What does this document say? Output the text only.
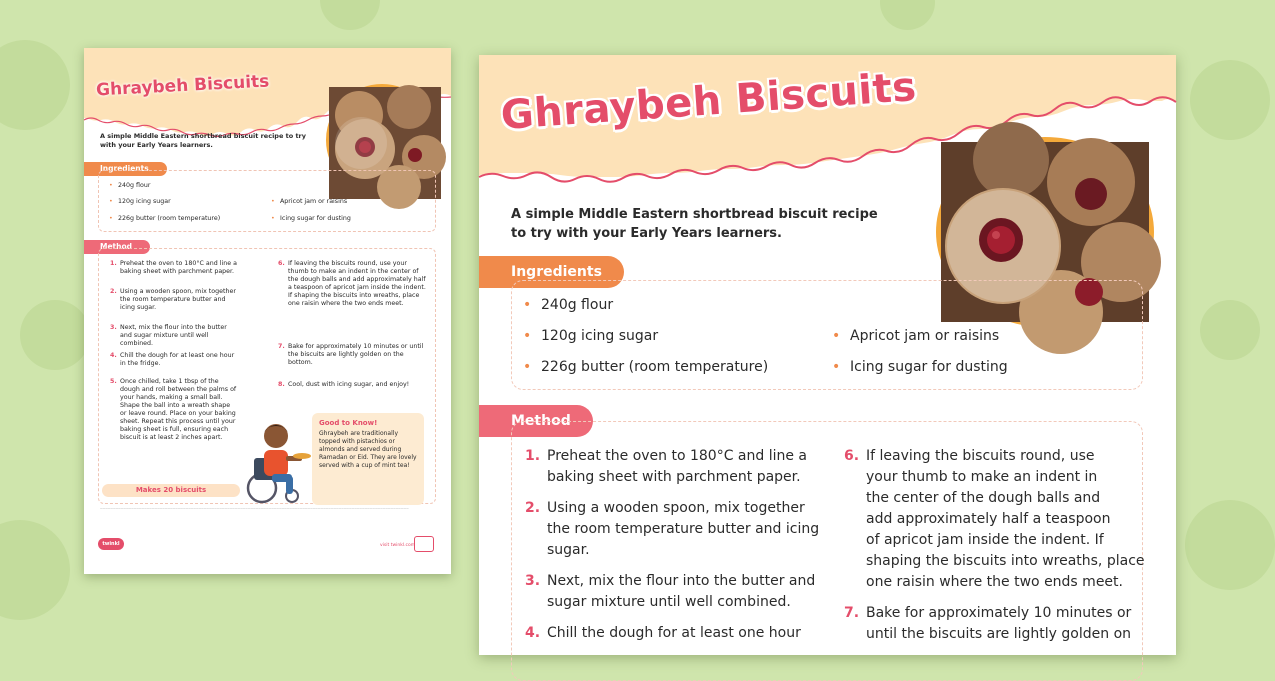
Ghraybeh Biscuits
A simple Middle Eastern shortbread biscuit recipe to try with your Early Years learners.
Ingredients
• 240g flour
• 120g icing sugar
• 226g butter (room temperature)
• Apricot jam or raisins
• Icing sugar for dusting
Method
1. Preheat the oven to 180°C and line a baking sheet with parchment paper.
2. Using a wooden spoon, mix together the room temperature butter and icing sugar.
3. Next, mix the flour into the butter and sugar mixture until well combined.
4. Chill the dough for at least one hour in the fridge.
5. Once chilled, take 1 tbsp of the dough and roll between the palms of your hands, making a small ball. Shape the ball into a wreath shape or leave round. Place on your baking sheet. Repeat this process until your baking sheet is full, ensuring each biscuit is at least 2 inches apart.
6. If leaving the biscuits round, use your thumb to make an indent in the center of the dough balls and add approximately half a teaspoon of apricot jam inside the indent. If shaping the biscuits into wreaths, place one raisin where the two ends meet.
7. Bake for approximately 10 minutes or until the biscuits are lightly golden on the bottom.
8. Cool, dust with icing sugar, and enjoy!
Good to Know!
Ghraybeh are traditionally topped with pistachios or almonds and served during Ramadan or Eid. They are lovely served with a cup of mint tea!
Makes 20 biscuits
———————————————————————————————————————————————————————————————————————————————————————————————————————————————————————
twinkl	visit twinkl.com
Ghraybeh Biscuits
A simple Middle Eastern shortbread biscuit recipe to try with your Early Years learners.
Ingredients
• 240g flour
• 120g icing sugar
• 226g butter (room temperature)
• Apricot jam or raisins
• Icing sugar for dusting
Method
1. Preheat the oven to 180°C and line a
baking sheet with parchment paper.
2. Using a wooden spoon, mix together
the room temperature butter and icing
sugar.
3. Next, mix the flour into the butter and
sugar mixture until well combined.
4. Chill the dough for at least one hour
6. If leaving the biscuits round, use
your thumb to make an indent in
the center of the dough balls and
add approximately half a teaspoon
of apricot jam inside the indent. If
shaping the biscuits into wreaths, place
one raisin where the two ends meet.
7. Bake for approximately 10 minutes or
until the biscuits are lightly golden on
